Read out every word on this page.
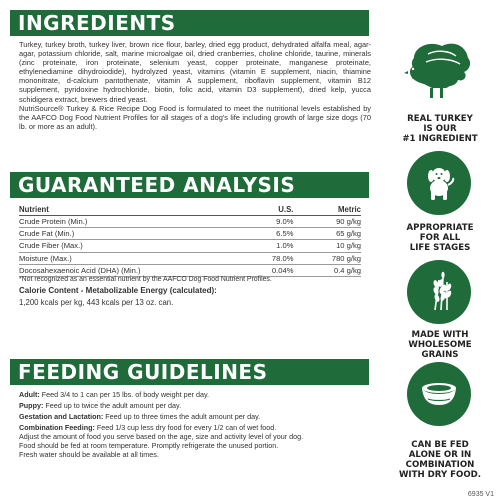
INGREDIENTS

Turkey, turkey broth, turkey liver, brown rice flour, barley, dried egg product, dehydrated alfalfa meal, agar-agar, potassium chloride, salt, marine microalgae oil, dried cranberries, choline chloride, taurine, minerals (zinc proteinate, iron proteinate, selenium yeast, copper proteinate, manganese proteinate, ethylenediamine dihydroiodide), hydrolyzed yeast, vitamins (vitamin E supplement, niacin, thiamine mononitrate, d-calcium pantothenate, vitamin A supplement, riboflavin supplement, vitamin B12 supplement, pyridoxine hydrochloride, biotin, folic acid, vitamin D3 supplement), dried kelp, yucca schidigera extract, brewers dried yeast.

NutriSource® Turkey & Rice Recipe Dog Food is formulated to meet the nutritional levels established by the AAFCO Dog Food Nutrient Profiles for all stages of a dog's life including growth of large size dogs (70 lb. or more as an adult).

GUARANTEED ANALYSIS
Nutrient	U.S.	Metric
Crude Protein (Min.)	9.0%	90 g/kg
Crude Fat (Min.)	6.5%	65 g/kg
Crude Fiber (Max.)	1.0%	10 g/kg
Moisture (Max.)	78.0%	780 g/kg
Docosahexaenoic Acid (DHA) (Min.)	0.04%	0.4 g/kg
*Not recognized as an essential nutrient by the AAFCO Dog Food Nutrient Profiles.
Calorie Content - Metabolizable Energy (calculated):
1,200 kcals per kg, 443 kcals per 13 oz. can.
FEEDING GUIDELINES

Adult: Feed 3/4 to 1 can per 15 lbs. of body weight per day.

Puppy: Feed up to twice the adult amount per day.

Gestation and Lactation: Feed up to three times the adult amount per day.

Combination Feeding: Feed 1/3 cup less dry food for every 1/2 can of wet food.

Adjust the amount of food you serve based on the age, size and activity level of your dog.

Food should be fed at room temperature. Promptly refrigerate the unused portion.

Fresh water should be available at all times.

REAL TURKEY
IS OUR
#1 INGREDIENT
APPROPRIATE
FOR ALL
LIFE STAGES
MADE WITH
WHOLESOME
GRAINS
CAN BE FED
ALONE OR IN
COMBINATION
WITH DRY FOOD.
6935 V1
